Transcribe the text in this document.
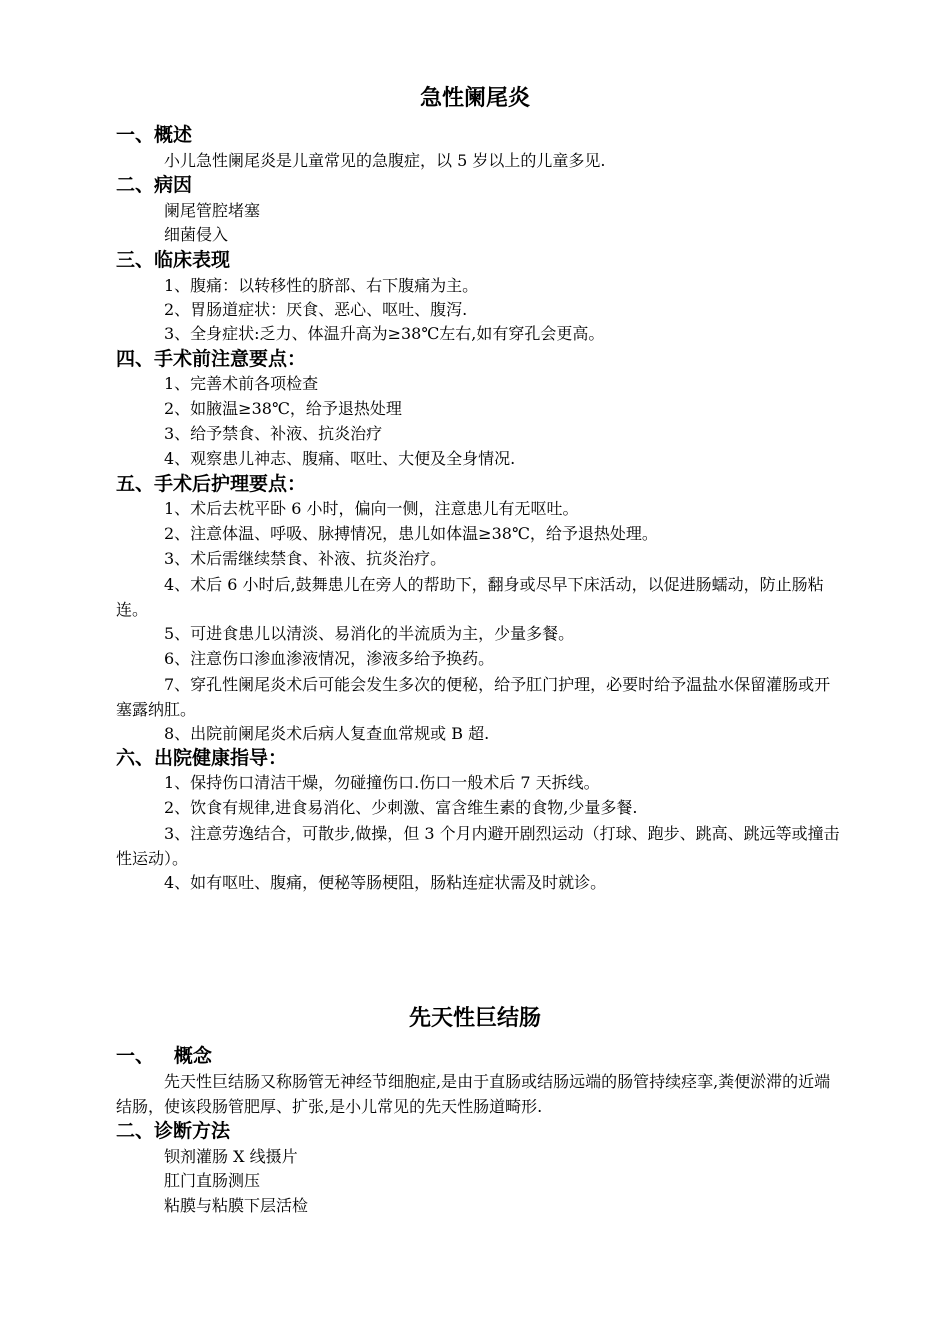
急性阑尾炎
一、概述
小儿急性阑尾炎是儿童常见的急腹症，以 5 岁以上的儿童多见.
二、病因
阑尾管腔堵塞
细菌侵入
三、临床表现
1、腹痛：以转移性的脐部、右下腹痛为主。
2、胃肠道症状：厌食、恶心、呕吐、腹泻.
3、全身症状:乏力、体温升高为≥38℃左右,如有穿孔会更高。
四、手术前注意要点：
1、完善术前各项检查
2、如腋温≥38℃，给予退热处理
3、给予禁食、补液、抗炎治疗
4、观察患儿神志、腹痛、呕吐、大便及全身情况.
五、手术后护理要点：
1、术后去枕平卧 6 小时，偏向一侧，注意患儿有无呕吐。
2、注意体温、呼吸、脉搏情况，患儿如体温≥38℃，给予退热处理。
3、术后需继续禁食、补液、抗炎治疗。
4、术后 6 小时后,鼓舞患儿在旁人的帮助下，翻身或尽早下床活动，以促进肠蠕动，防止肠粘连。
5、可进食患儿以清淡、易消化的半流质为主，少量多餐。
6、注意伤口渗血渗液情况，渗液多给予换药。
7、穿孔性阑尾炎术后可能会发生多次的便秘，给予肛门护理，必要时给予温盐水保留灌肠或开塞露纳肛。
8、出院前阑尾炎术后病人复查血常规或 B 超.
六、出院健康指导：
1、保持伤口清洁干燥，勿碰撞伤口.伤口一般术后 7 天拆线。
2、饮食有规律,进食易消化、少刺激、富含维生素的食物,少量多餐.
3、注意劳逸结合，可散步,做操，但 3 个月内避开剧烈运动（打球、跑步、跳高、跳远等或撞击性运动）。
4、如有呕吐、腹痛，便秘等肠梗阻，肠粘连症状需及时就诊。
先天性巨结肠
一、   概念
先天性巨结肠又称肠管无神经节细胞症,是由于直肠或结肠远端的肠管持续痉挛,粪便淤滞的近端结肠，使该段肠管肥厚、扩张,是小儿常见的先天性肠道畸形.
二、诊断方法
钡剂灌肠 X 线摄片
肛门直肠测压
粘膜与粘膜下层活检
